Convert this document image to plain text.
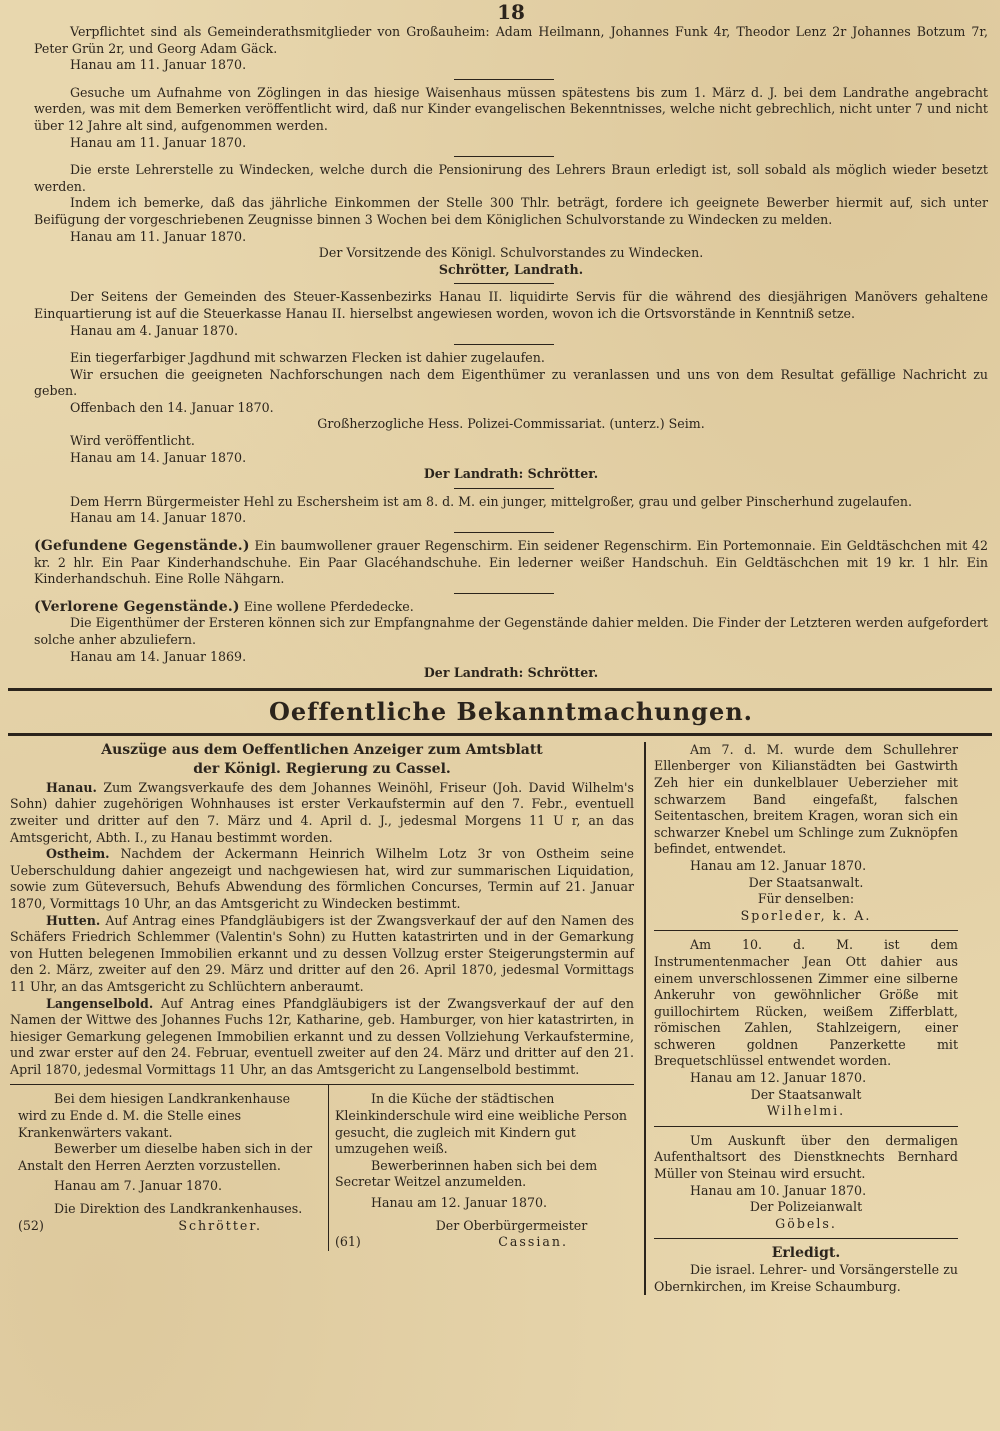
18

Verpflichtet sind als Gemeinderathsmitglieder von Großauheim: Adam Heilmann, Johannes Funk 4r, Theodor Lenz 2r Johannes Botzum 7r, Peter Grün 2r, und Georg Adam Gäck.

Hanau am 11. Januar 1870.

Gesuche um Aufnahme von Zöglingen in das hiesige Waisenhaus müssen spätestens bis zum 1. März d. J. bei dem Landrathe angebracht werden, was mit dem Bemerken veröffentlicht wird, daß nur Kinder evangelischen Bekenntnisses, welche nicht gebrechlich, nicht unter 7 und nicht über 12 Jahre alt sind, aufgenommen werden.

Hanau am 11. Januar 1870.

Die erste Lehrerstelle zu Windecken, welche durch die Pensionirung des Lehrers Braun erledigt ist, soll sobald als möglich wieder besetzt werden.

Indem ich bemerke, daß das jährliche Einkommen der Stelle 300 Thlr. beträgt, fordere ich geeignete Bewerber hiermit auf, sich unter Beifügung der vorgeschriebenen Zeugnisse binnen 3 Wochen bei dem Königlichen Schulvorstande zu Windecken zu melden.

Hanau am 11. Januar 1870.

Der Vorsitzende des Königl. Schulvorstandes zu Windecken.

Schrötter, Landrath.

Der Seitens der Gemeinden des Steuer-Kassenbezirks Hanau II. liquidirte Servis für die während des diesjährigen Manövers gehaltene Einquartierung ist auf die Steuerkasse Hanau II. hierselbst angewiesen worden, wovon ich die Ortsvorstände in Kenntniß setze.

Hanau am 4. Januar 1870.

Ein tiegerfarbiger Jagdhund mit schwarzen Flecken ist dahier zugelaufen.

Wir ersuchen die geeigneten Nachforschungen nach dem Eigenthümer zu veranlassen und uns von dem Resultat gefällige Nachricht zu geben.

Offenbach den 14. Januar 1870.

Großherzogliche Hess. Polizei-Commissariat. (unterz.) Seim.

Wird veröffentlicht.

Hanau am 14. Januar 1870.

Der Landrath: Schrötter.

Dem Herrn Bürgermeister Hehl zu Eschersheim ist am 8. d. M. ein junger, mittelgroßer, grau und gelber Pinscherhund zugelaufen.

Hanau am 14. Januar 1870.

(Gefundene Gegenstände.) Ein baumwollener grauer Regenschirm. Ein seidener Regenschirm. Ein Portemonnaie. Ein Geldtäschchen mit 42 kr. 2 hlr. Ein Paar Kinderhandschuhe. Ein Paar Glacéhandschuhe. Ein lederner weißer Handschuh. Ein Geldtäschchen mit 19 kr. 1 hlr. Ein Kinderhandschuh. Eine Rolle Nähgarn.

(Verlorene Gegenstände.) Eine wollene Pferdedecke.

Die Eigenthümer der Ersteren können sich zur Empfangnahme der Gegenstände dahier melden. Die Finder der Letzteren werden aufgefordert solche anher abzuliefern.

Hanau am 14. Januar 1869.

Der Landrath: Schrötter.

Oeffentliche Bekanntmachungen.
Auszüge aus dem Oeffentlichen Anzeiger zum Amtsblatt
der Königl. Regierung zu Cassel.

Hanau. Zum Zwangsverkaufe des dem Johannes Weinöhl, Friseur (Joh. David Wilhelm's Sohn) dahier zugehörigen Wohnhauses ist erster Verkaufstermin auf den 7. Febr., eventuell zweiter und dritter auf den 7. März und 4. April d. J., jedesmal Morgens 11 U r, an das Amtsgericht, Abth. I., zu Hanau bestimmt worden.

Ostheim. Nachdem der Ackermann Heinrich Wilhelm Lotz 3r von Ostheim seine Ueberschuldung dahier angezeigt und nachgewiesen hat, wird zur summarischen Liquidation, sowie zum Güteversuch, Behufs Abwendung des förmlichen Concurses, Termin auf 21. Januar 1870, Vormittags 10 Uhr, an das Amtsgericht zu Windecken bestimmt.

Hutten. Auf Antrag eines Pfandgläubigers ist der Zwangsverkauf der auf den Namen des Schäfers Friedrich Schlemmer (Valentin's Sohn) zu Hutten katastrirten und in der Gemarkung von Hutten belegenen Immobilien erkannt und zu dessen Vollzug erster Steigerungstermin auf den 2. März, zweiter auf den 29. März und dritter auf den 26. April 1870, jedesmal Vormittags 11 Uhr, an das Amtsgericht zu Schlüchtern anberaumt.

Langenselbold. Auf Antrag eines Pfandgläubigers ist der Zwangsverkauf der auf den Namen der Wittwe des Johannes Fuchs 12r, Katharine, geb. Hamburger, von hier katastrirten, in hiesiger Gemarkung gelegenen Immobilien erkannt und zu dessen Vollziehung Verkaufstermine, und zwar erster auf den 24. Februar, eventuell zweiter auf den 24. März und dritter auf den 21. April 1870, jedesmal Vormittags 11 Uhr, an das Amtsgericht zu Langenselbold bestimmt.

Bei dem hiesigen Landkrankenhause wird zu Ende d. M. die Stelle eines Krankenwärters vakant.

Bewerber um dieselbe haben sich in der Anstalt den Herren Aerzten vorzustellen.

Hanau am 7. Januar 1870.

Die Direktion des Landkrankenhauses.

(52)	Schrötter.

In die Küche der städtischen Kleinkinderschule wird eine weibliche Person gesucht, die zugleich mit Kindern gut umzugehen weiß.

Bewerberinnen haben sich bei dem Secretar Weitzel anzumelden.

Hanau am 12. Januar 1870.

Der Oberbürgermeister

(61)	Cassian.

Am 7. d. M. wurde dem Schullehrer Ellenberger von Kilianstädten bei Gastwirth Zeh hier ein dunkelblauer Ueberzieher mit schwarzem Band eingefaßt, falschen Seitentaschen, breitem Kragen, woran sich ein schwarzer Knebel um Schlinge zum Zuknöpfen befindet, entwendet.

Hanau am 12. Januar 1870.

Der Staatsanwalt.

Für denselben:

Sporleder, k. A.

Am 10. d. M. ist dem Instrumentenmacher Jean Ott dahier aus einem unverschlossenen Zimmer eine silberne Ankeruhr von gewöhnlicher Größe mit guillochirtem Rücken, weißem Zifferblatt, römischen Zahlen, Stahlzeigern, einer schweren goldnen Panzerkette mit Brequetschlüssel entwendet worden.

Hanau am 12. Januar 1870.

Der Staatsanwalt

Wilhelmi.

Um Auskunft über den dermaligen Aufenthaltsort des Dienstknechts Bernhard Müller von Steinau wird ersucht.

Hanau am 10. Januar 1870.

Der Polizeianwalt

Göbels.

Erledigt.

Die israel. Lehrer- und Vorsängerstelle zu Obernkirchen, im Kreise Schaumburg.
